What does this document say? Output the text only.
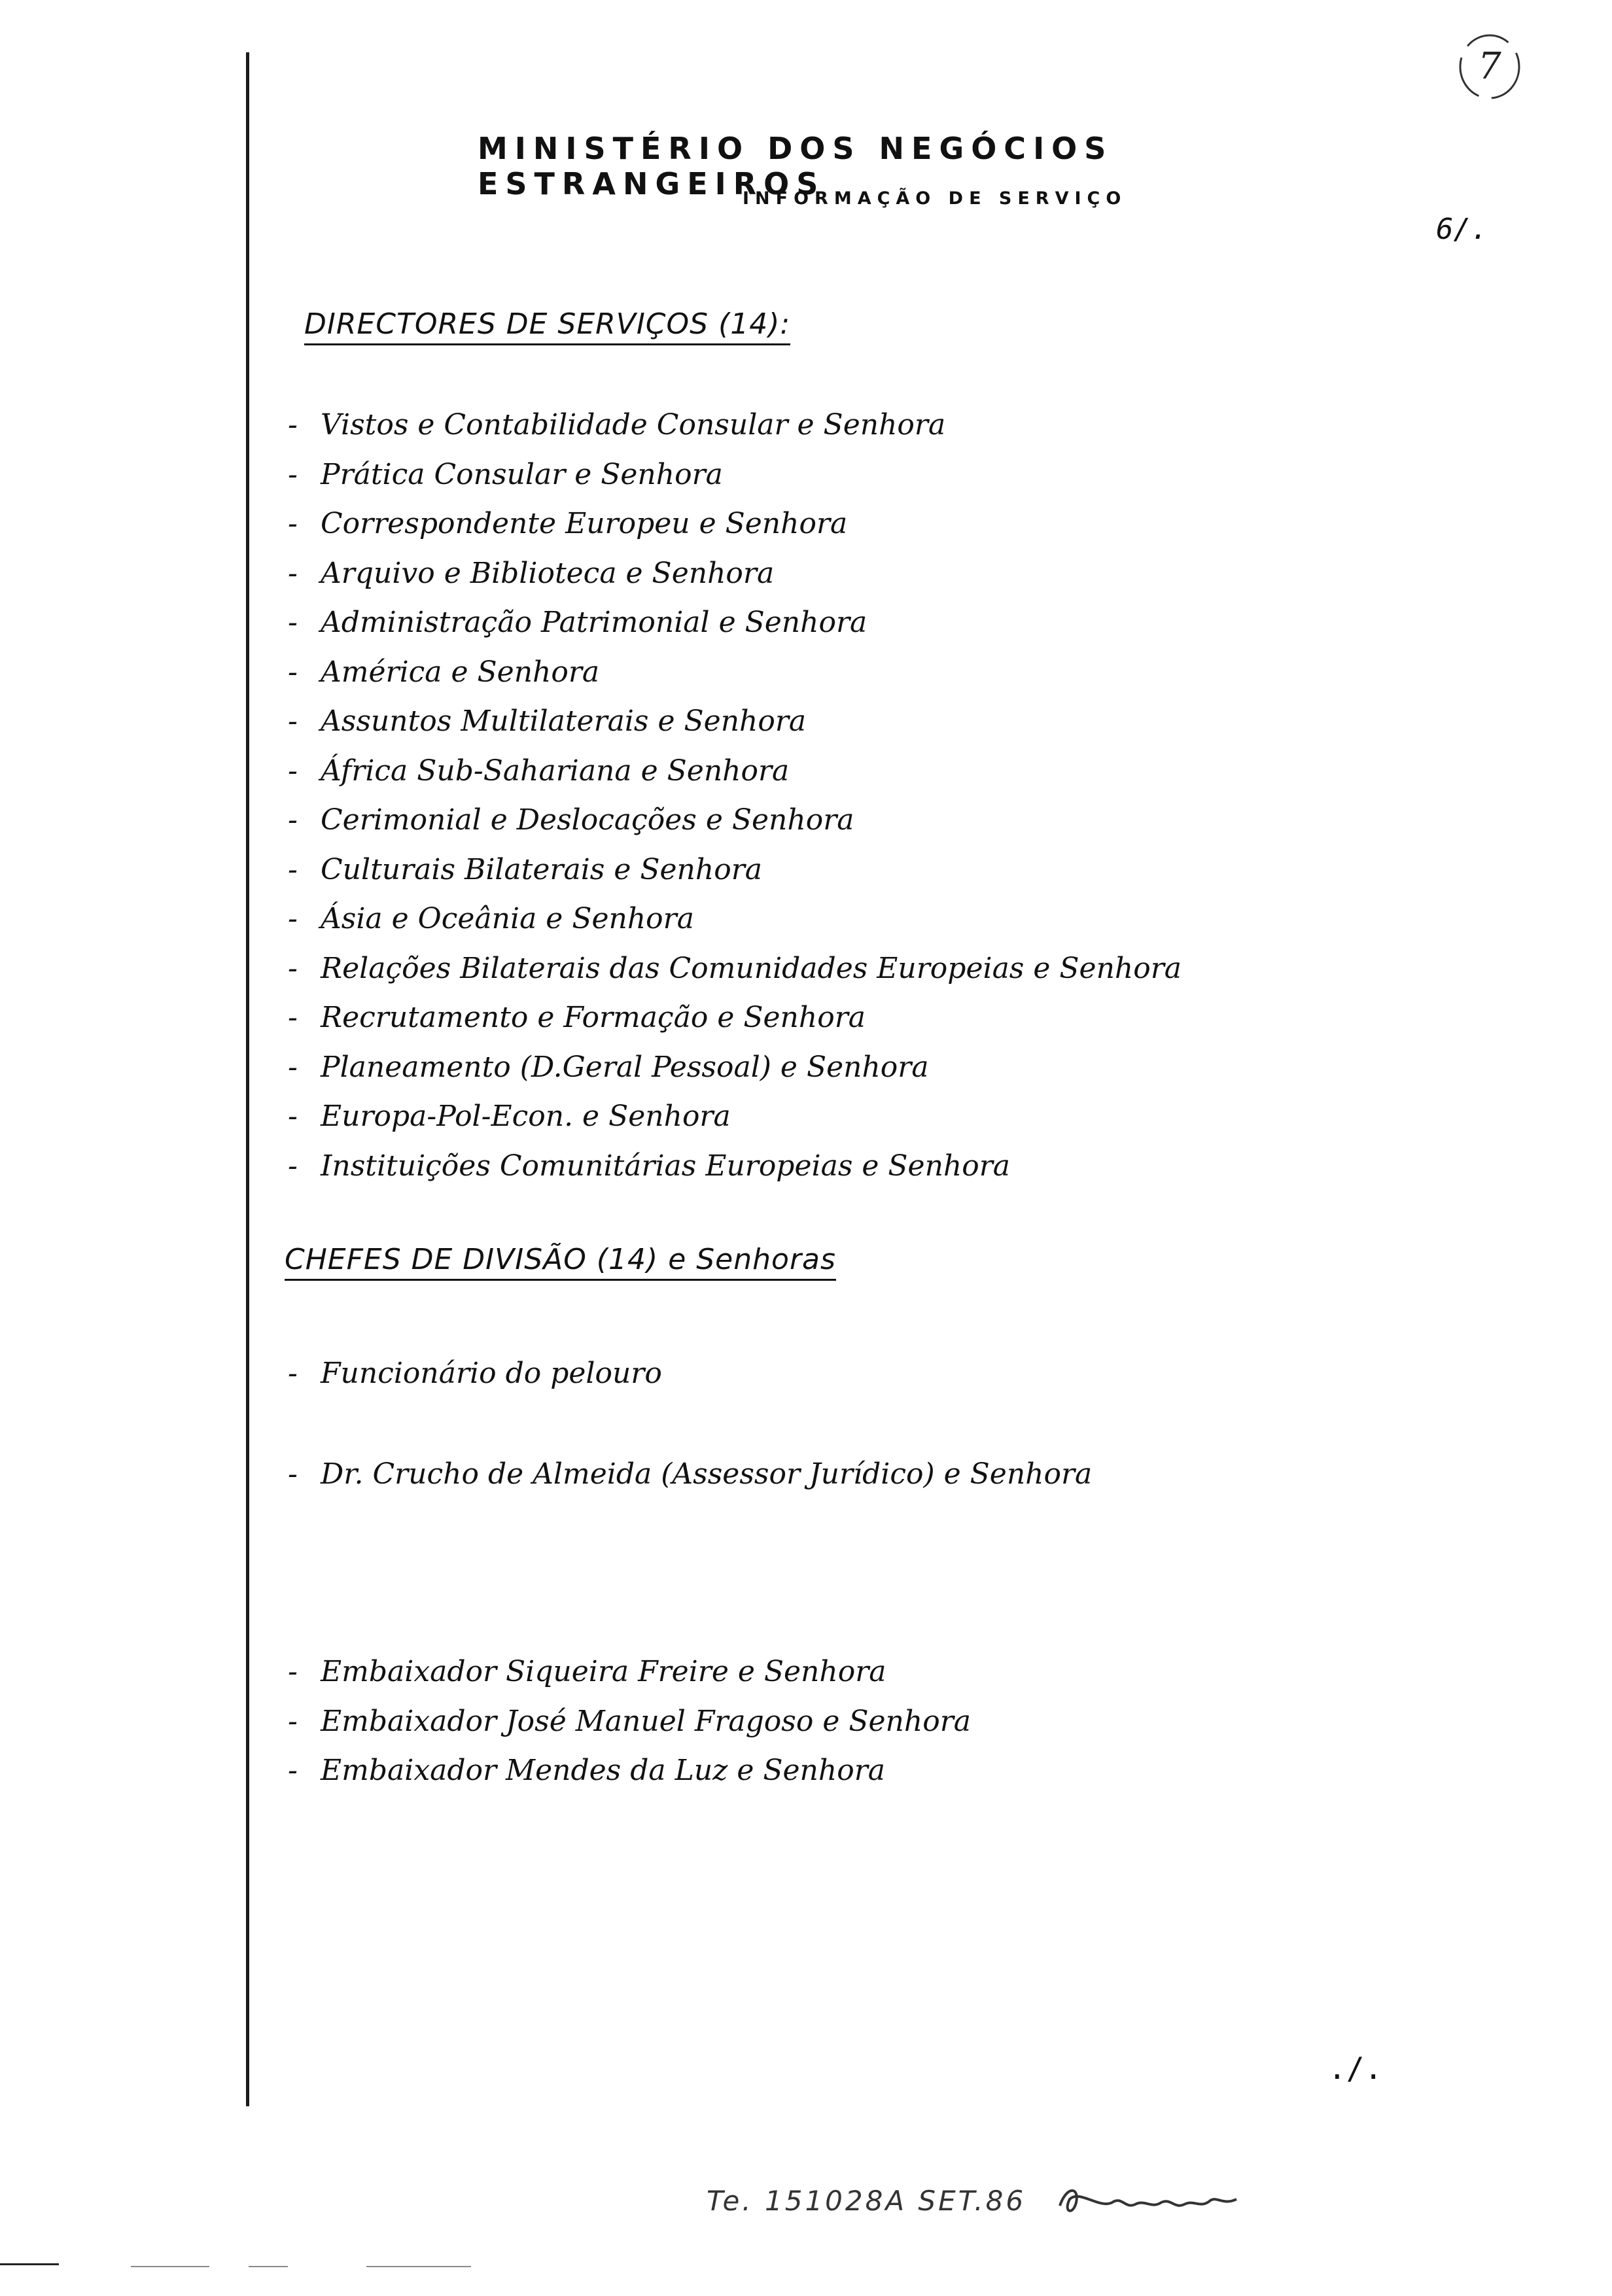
7
MINISTÉRIO DOS NEGÓCIOS ESTRANGEIROS
INFORMAÇÃO DE SERVIÇO
6/.
DIRECTORES DE SERVIÇOS (14):
- Vistos e Contabilidade Consular e Senhora
- Prática Consular e Senhora
- Correspondente Europeu e Senhora
- Arquivo e Biblioteca e Senhora
- Administração Patrimonial e Senhora
- América e Senhora
- Assuntos Multilaterais e Senhora
- África Sub-Sahariana e Senhora
- Cerimonial e Deslocações e Senhora
- Culturais Bilaterais e Senhora
- Ásia e Oceânia e Senhora
- Relações Bilaterais das Comunidades Europeias e Senhora
- Recrutamento e Formação e Senhora
- Planeamento (D.Geral Pessoal) e Senhora
- Europa-Pol-Econ. e Senhora
- Instituições Comunitárias Europeias e Senhora
CHEFES DE DIVISÃO (14) e Senhoras
- Funcionário do pelouro
- Dr. Crucho de Almeida (Assessor Jurídico) e Senhora
- Embaixador Siqueira Freire e Senhora
- Embaixador José Manuel Fragoso e Senhora
- Embaixador Mendes da Luz e Senhora
./.
Te. 151028A SET.86
